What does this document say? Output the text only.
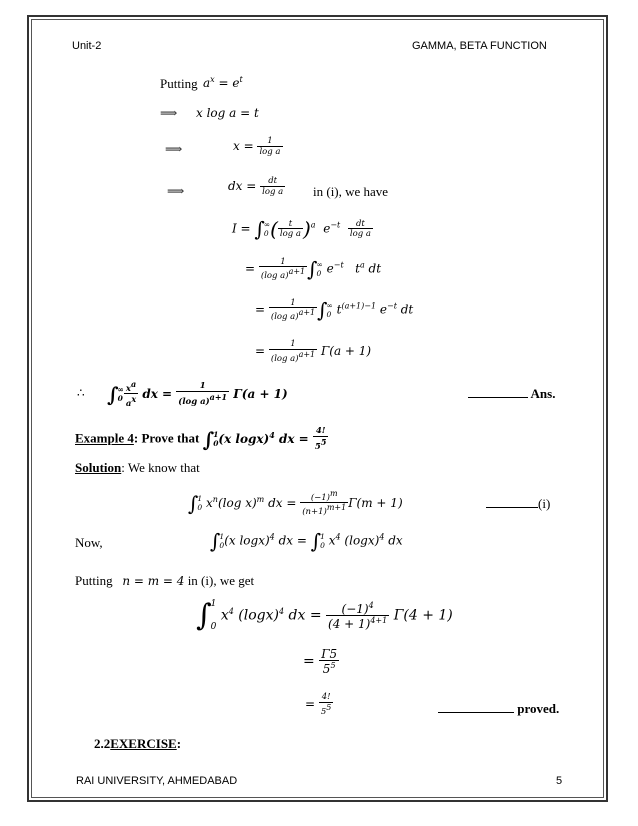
Unit-2	GAMMA, BETA FUNCTION
Putting $a^x = e^t$
⟹ x log a = t
⟹	$x = \frac{1}{\text{log a}}$
⟹	dx = $\frac{dt}{\text{log a}}$ in (i), we have
I = ∫ ∞
0 ( $\frac{t}{\text{log a}} )^a$ $e^{-t} \frac{dt}{\text{log a}}$
= $\frac{1}{(\log a)^{a+1}}$ ∫ ∞
0 $e^{-t}$   $t^a$ dt
= $\frac{1}{(\log a)^{a+1}}$ ∫ ∞
0 $t^{(a+1)-1}$ $e^{-t}$ dt
= $\frac{1}{(\log a)^{a+1}} \Gamma(a + 1)$
∴ ∫ ∞
$0 \frac{x^a}{a^x}$ dx = $\frac{1}{(\log a)^{a+1}} \Gamma(a + 1)$	Ans.
Example 4: Prove that ∫ 1
0 (x logx)$^4$ dx = $\frac{4!}{5^5}$
Solution: We know that
∫ 1
0 $x^n(\log$ x)$^m$ dx = $\frac{(-1)^m}{(n+1)^{m+1}} \Gamma(m + 1)$	(i)
Now,	∫ 1
0 (x logx)$^4$ dx = ∫ 1
0 $x^4$ $(\log x)^4$ dx
Putting n = m = 4 in (i), we get
∫ 1
0
$x^4$ $(\log x)^4$ dx = $\frac{(-1)^4}{(4 + 1)^{4+1}} \Gamma(4 + 1)$
= $\frac{\Gamma 5}{5^5}$
= $\frac{4!}{5^5}$	proved.
2.2EXERCISE:
RAI UNIVERSITY, AHMEDABAD	5
